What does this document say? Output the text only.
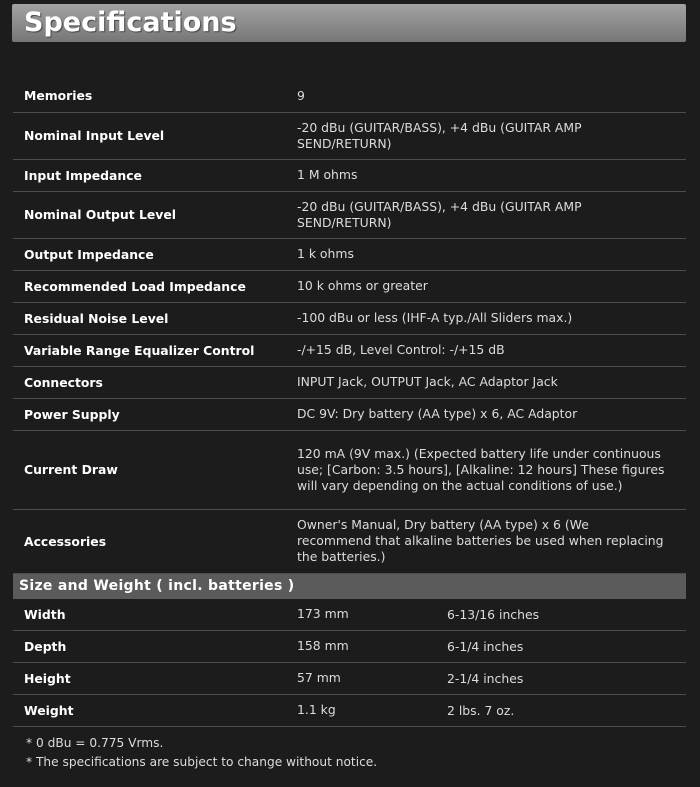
Specifications
Memories	9	
Nominal Input Level	-20 dBu (GUITAR/BASS), +4 dBu (GUITAR AMP SEND/RETURN)	
Input Impedance	1 M ohms	
Nominal Output Level	-20 dBu (GUITAR/BASS), +4 dBu (GUITAR AMP SEND/RETURN)	
Output Impedance	1 k ohms	
Recommended Load Impedance	10 k ohms or greater	
Residual Noise Level	-100 dBu or less (IHF-A typ./All Sliders max.)	
Variable Range Equalizer Control	-/+15 dB, Level Control: -/+15 dB	
Connectors	INPUT Jack, OUTPUT Jack, AC Adaptor Jack	
Power Supply	DC 9V: Dry battery (AA type) x 6, AC Adaptor	
Current Draw	120 mA (9V max.) (Expected battery life under continuous use; [Carbon: 3.5 hours], [Alkaline: 12 hours] These figures will vary depending on the actual conditions of use.)	
Accessories	Owner's Manual, Dry battery (AA type) x 6 (We recommend that alkaline batteries be used when replacing the batteries.)	
Size and Weight ( incl. batteries )		
Width	173 mm	6-13/16 inches
Depth	158 mm	6-1/4 inches
Height	57 mm	2-1/4 inches
Weight	1.1 kg	2 lbs. 7 oz.
* 0 dBu = 0.775 Vrms.
* The specifications are subject to change without notice.
